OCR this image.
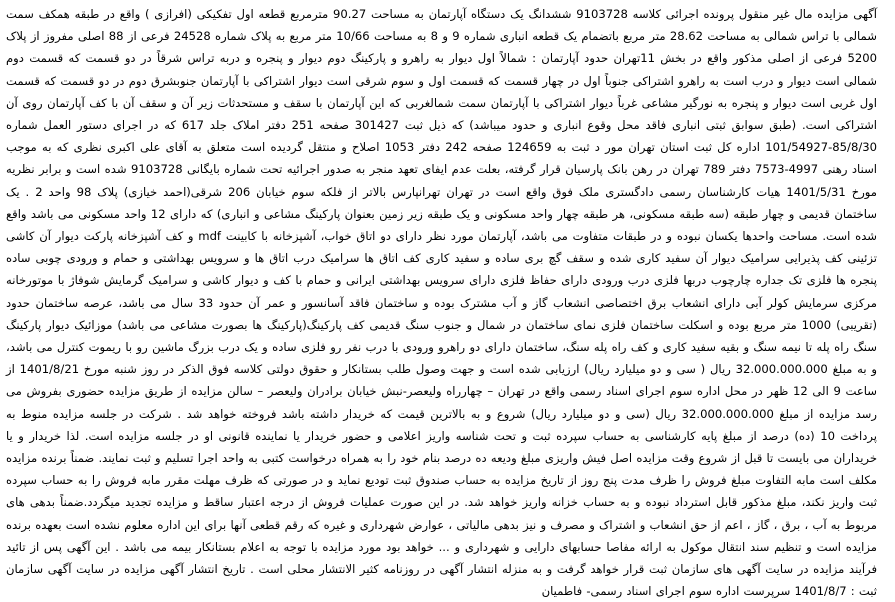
آگهی مزایده مال غیر منقول پرونده اجرائی کلاسه 9103728 ششدانگ یک دستگاه آپارتمان به مساحت 90.27 مترمربع قطعه اول تفکیکی (افرازی ) واقع در طبقه همکف سمت شمالی با تراس شمالی به مساحت 28.62 متر مربع باتضمام یک قطعه انباری شماره 9 و 8 به مساحت 10/66 متر مربع به پلاک شماره 24528 فرعی از 88 اصلی مفروز از پلاک 5200 فرعی از اصلی مذکور واقع در بخش 11تهران حدود آپارتمان : شمالاً اول دیوار به راهرو و پارکینگ دوم دیوار و پنجره و دربه تراس شرقاً در دو قسمت که قسمت دوم شمالی است دیوار و درب است به راهرو اشتراکی جنوباً اول در چهار قسمت که قسمت اول و سوم شرقی است دیوار اشتراکی با آپارتمان جنوبشرق دوم در دو قسمت که قسمت اول غربی است دیوار و پنجره به نورگیر مشاعی غرباً دیوار اشتراکی با آپارتمان سمت شمالغربی که این آپارتمان با سقف و مستحدثات زیر آن و سقف آن با کف آپارتمان روی آن اشتراکی است. (طبق سوابق ثبتی انباری فاقد محل وقوع انباری و حدود میباشد) که ذیل ثبت 301427 صفحه 251 دفتر املاک جلد 617 که در اجرای دستور العمل شماره 85/8/30-101/54927 اداره کل ثبت استان تهران مور د ثبت به 124659 صفحه 242 دفتر 1053 اصلاح و منتقل گردیده است متعلق به آقای علی اکبری نظری که به موجب اسناد رهنی 4997-7573 دفتر 789 تهران در رهن بانک پارسیان قرار گرفته، بعلت عدم ایفای تعهد منجر به صدور اجرائیه تحت شماره بایگانی 9103728 شده است و برابر نظریه مورخ 1401/5/31 هیات کارشناسان رسمی دادگستری ملک فوق واقع است در تهران تهرانپارس بالاتر از فلکه سوم خیابان 206 شرقی(احمد خیازی) پلاک 98 واحد 2 . یک ساختمان قدیمی و چهار طبقه (سه طبقه مسکونی، هر طبقه چهار واحد مسکونی و یک طبقه زیر زمین بعنوان پارکینگ مشاعی و انباری) که دارای 12 واحد مسکونی می باشد واقع شده است. مساحت واحدها یکسان نبوده و در طبقات متفاوت می باشد، آپارتمان مورد نظر دارای دو اتاق خواب، آشپزخانه با کابینت mdf و کف آشپزخانه پارکت دیوار آن کاشی تزئینی کف پذیرایی سرامیک دیوار آن سفید کاری شده و سقف گچ بری ساده و سفید کاری کف اتاق ها سرامیک درب اتاق ها و سرویس بهداشتی و حمام و ورودی چوبی ساده پنجره ها فلزی تک جداره چارچوب دربها فلزی درب ورودی دارای حفاظ فلزی دارای سرویس بهداشتی ایرانی و حمام با کف و دیوار کاشی و سرامیک گرمایش شوفاژ با موتورخانه مرکزی سرمایش کولر آبی دارای انشعاب برق اختصاصی انشعاب گاز و آب مشترک بوده و ساختمان فاقد آسانسور و عمر آن حدود 33 سال می باشد، عرصه ساختمان حدود (تقریبی) 1000 متر مربع بوده و اسکلت ساختمان فلزی نمای ساختمان در شمال و جنوب سنگ قدیمی کف پارکینگ(پارکینگ ها بصورت مشاعی می باشد) موزائیک دیوار پارکینگ سنگ راه پله تا نیمه سنگ و بقیه سفید کاری و کف راه پله سنگ، ساختمان دارای دو راهرو ورودی با درب نفر رو فلزی ساده و یک درب بزرگ ماشین رو با ریموت کنترل می باشد، و به مبلغ 32.000.000.000 ریال ( سی و دو میلیارد ریال) ارزیابی شده است و جهت وصول طلب بستانکار و حقوق دولتی کلاسه فوق الذکر در روز شنبه مورخ 1401/8/21 از ساعت 9 الی 12 ظهر در محل اداره سوم اجرای اسناد رسمی واقع در تهران – چهارراه ولیعصر-نبش خیابان برادران ولیعصر – سالن مزایده از طریق مزایده حضوری بفروش می رسد مزایده از مبلغ 32.000.000.000 ریال (سی و دو میلیارد ریال) شروع و به بالاترین قیمت که خریدار داشته باشد فروخته خواهد شد . شرکت در جلسه مزایده منوط به پرداخت 10 (ده) درصد از مبلغ پایه کارشناسی به حساب سپرده ثبت و تحت شناسه واریز اعلامی و حضور خریدار یا نماینده قانونی او در جلسه مزایده است. لذا خریدار و یا خریداران می بایست تا قبل از شروع وقت مزایده اصل فیش واریزی مبلغ ودیعه ده درصد بنام خود را به همراه درخواست کتبی به واحد اجرا تسلیم و ثبت نمایند. ضمناً برنده مزایده مکلف است مابه التفاوت مبلغ فروش را ظرف مدت پنج روز از تاریخ مزایده به حساب صندوق ثبت تودیع نماید و در صورتی که ظرف مهلت مقرر مابه فروش را به حساب سپرده ثبت واریز نکند، مبلغ مذکور قابل استرداد نبوده و به حساب خزانه واریز خواهد شد. در این صورت عملیات فروش از درجه اعتبار ساقط و مزایده تجدید میگردد.ضمناً بدهی های مربوط به آب ، برق ، گاز ، اعم از حق انشعاب و اشتراک و مصرف و نیز بدهی مالیاتی ، عوارض شهرداری و غیره که رقم قطعی آنها برای این اداره معلوم نشده است بعهده برنده مزایده است و تنظیم سند انتقال موکول به ارائه مفاصا حسابهای دارایی و شهرداری و ... خواهد بود مورد مزایده با توجه به اعلام بستانکار بیمه می باشد . این آگهی پس از تائید فرآیند مزایده در سایت آگهی های سازمان ثبت قرار خواهد گرفت و به منزله انتشار آگهی در روزنامه کثیر الانتشار محلی است . تاریخ انتشار آگهی مزایده در سایت آگهی سازمان ثبت : 1401/8/7 سرپرست اداره سوم اجرای اسناد رسمی- فاطمیان
